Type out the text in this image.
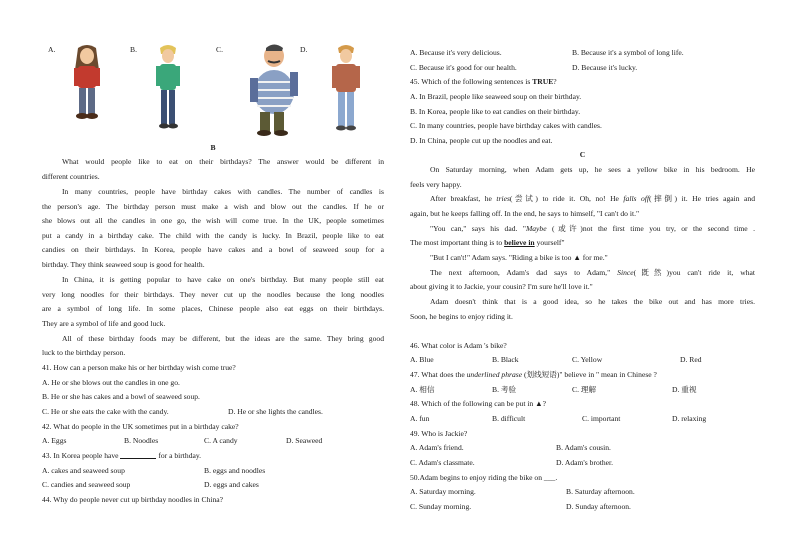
A.	B.	C.	D.
B
What would people like to eat on their birthdays? The answer would be different in
different countries.
In many countries, people have birthday cakes with candles. The number of candles is
the person's age. The birthday person must make a wish and blow out the candles. If he or
she blows out all the candles in one go, the wish will come true. In the UK, people sometimes
put a candy in a birthday cake. The child with the candy is lucky. In Brazil, people like to eat
candies on their birthdays. In Korea, people have cakes and a bowl of seaweed soup for a
birthday. They think seaweed soup is good for health.
In China, it is getting popular to have cake on one's birthday. But many people still eat
very long noodles for their birthdays. They never cut up the noodles because the long noodles
are a symbol of long life. In some places, Chinese people also eat eggs on their birthdays.
They are a symbol of life and good luck.
All of these birthday foods may be different, but the ideas are the same. They bring good
luck to the birthday person.
41. How can a person make his or her birthday wish come true?
A. He or she blows out the candles in one go.
B. He or she has cakes and a bowl of seaweed soup.
C. He or she eats the cake with the candy.	D. He or she lights the candles.
42. What do people in the UK sometimes put in a birthday cake?
A. Eggs	B. Noodles	C. A candy	D. Seaweed
43. In Korea people have	for a birthday.
A. cakes and seaweed soup	B. eggs and noodles
C. candies and seaweed soup	D. eggs and cakes
44. Why do people never cut up birthday noodles in China?
A. Because it's very delicious.	B. Because it's a symbol of long life.
C. Because it's good for our health.	D. Because it's lucky.
45. Which of the following sentences is TRUE?
A. In Brazil, people like seaweed soup on their birthday.
B. In Korea, people like to eat candies on their birthday.
C. In many countries, people have birthday cakes with candles.
D. In China, people cut up the noodles and eat.
C
On Saturday morning, when Adam gets up, he sees a yellow bike in his bedroom. He
feels very happy.
After breakfast, he tries(尝试) to ride it. Oh, no! He falls off(摔倒) it. He tries again and
again, but he keeps falling off. In the end, he says to himself, "I can't do it."
"You can," says his dad. "Maybe (或许)not the first time you try, or the second time .
The most important thing is to believe in yourself"
"But I can't!" Adam says. "Riding a bike is too ▲ for me."
The next afternoon, Adam's dad says to Adam," Since(既然)you can't ride it, what
about giving it to Jackie, your cousin? I'm sure he'll love it."
Adam doesn't think that is a good idea, so he takes the bike out and has more tries.
Soon, he begins to enjoy riding it.
46. What color is Adam 's bike?
A. Blue	B. Black	C. Yellow	D. Red
47. What does the underlined phrase (划线短语)" believe in " mean in Chinese ?
A. 相信	B. 考验	C. 理解	D. 重视
48. Which of the following can be put in ▲?
A. fun	B. difficult	C. important	D. relaxing
49. Who is Jackie?
A. Adam's friend.	B. Adam's cousin.
C. Adam's classmate.	D. Adam's brother.
50.Adam begins to enjoy riding the bike on ___.
A. Saturday morning.	B. Saturday afternoon.
C. Sunday morning.	D. Sunday afternoon.
